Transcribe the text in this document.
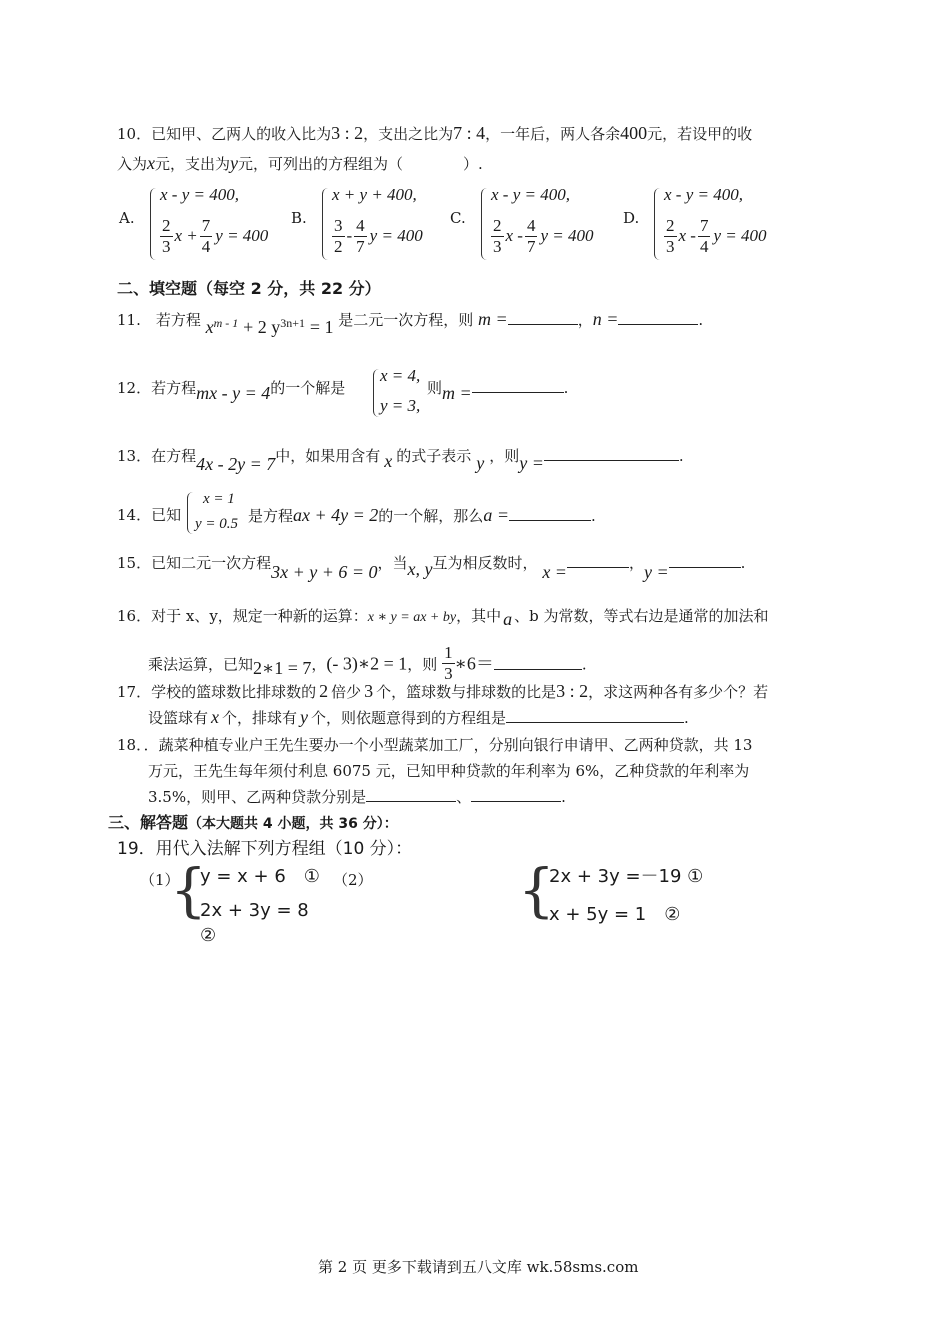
10．已知甲、乙两人的收入比为3 : 2，支出之比为7 : 4，一年后，两人各余400元，若设甲的收
入为x元，支出为y元，可列出的方程组为（　　　　）.
A.
x - y = 400,
$\frac{2}{3}$ $x + \frac{7}{4}$ y = 400
B.
x + y + 400,
$\frac{3}{2} - \frac{4}{7}$ y = 400
C.
x - y = 400,
$\frac{2}{3}$ x - $\frac{4}{7}$ y = 400
D.
x - y = 400,
$\frac{2}{3}$ x - $\frac{7}{4}$ y = 400
二、填空题（每空 2 分，共 22 分）
11.　若方程 $x^{m - 1} + 2$ $y^{3n+1} = 1$ 是二元一次方程，则 m =	，n =	.
12．若方程mx - y = 4的一个解是
x = 4,
y = 3,
则m =	.
13．在方程4x - 2y = 7中，如果用含有 x 的式子表示 y ，则y =	.
14．已知
x = 1
y = 0.5 是方程ax + 4y = 2的一个解，那么a =	.
15．已知二元一次方程3x + y + 6 = 0，当x, y互为相反数时， x =	，y =	.
16．对于 x、y，规定一种新的运算：x ∗ y = ax + by，其中 a 、b 为常数，等式右边是通常的加法和
乘法运算，已知2∗1 = 7，(- 3)∗2 = 1，则 $\frac{1}{3}$ ∗6＝	.
17．学校的篮球数比排球数的 2 倍少 3 个，篮球数与排球数的比是3 : 2，求这两种各有多少个？若
设篮球有 x 个，排球有 y 个，则依题意得到的方程组是	.
18．．蔬菜种植专业户王先生要办一个小型蔬菜加工厂，分别向银行申请甲、乙两种贷款，共 13
万元，王先生每年须付利息 6075 元，已知甲种贷款的年利率为 6%，乙种贷款的年利率为
3.5%，则甲、乙两种贷款分别是	、	.
三、解答题（本大题共 4 小题，共 36 分）：
19．用代入法解下列方程组（10 分）：
（1）
{
y = x + 6　① （2）
2x + 3y = 8
②
{
2x + 3y =－19 ①
x + 5y = 1　②
第 2 页 更多下载请到五八文库 wk.58sms.com
